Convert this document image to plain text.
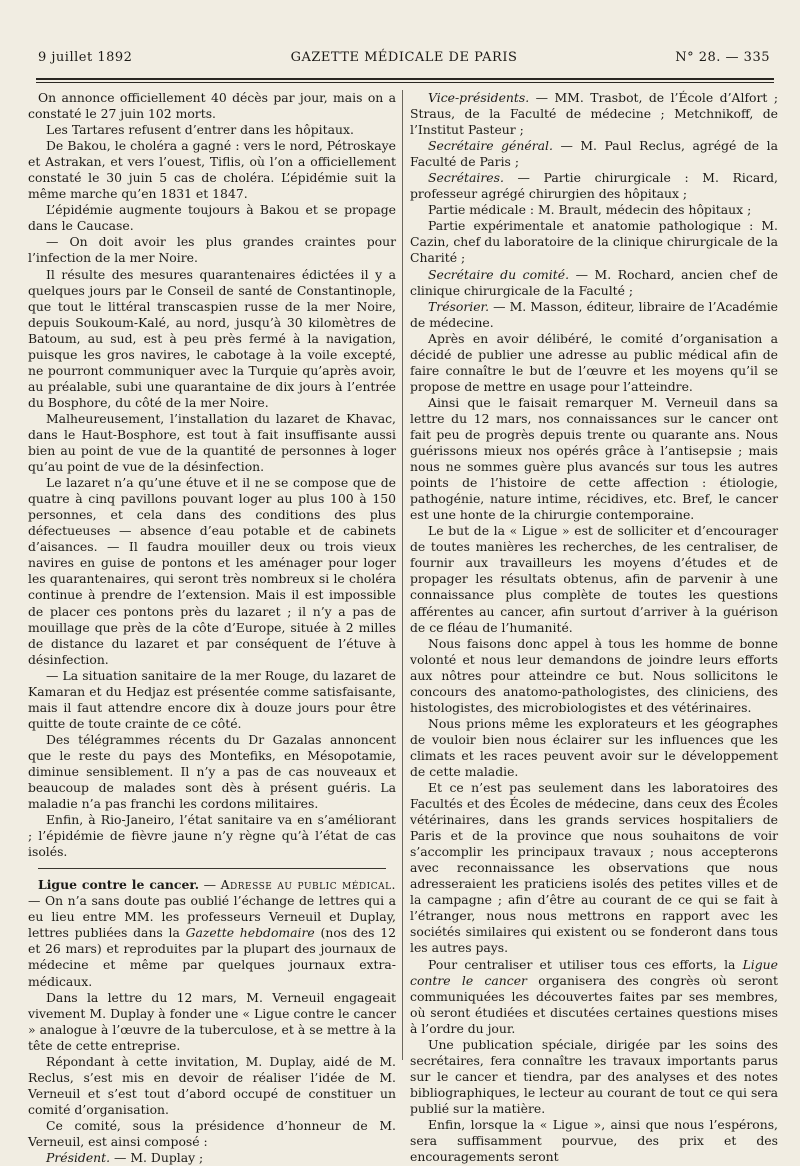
9 juillet 1892	GAZETTE MÉDICALE DE PARIS	N° 28. — 335

On annonce officiellement 40 décès par jour, mais on a constaté le 27 juin 102 morts.

Les Tartares refusent d’entrer dans les hôpitaux.

De Bakou, le choléra a gagné : vers le nord, Pétroskaye et Astrakan, et vers l’ouest, Tiflis, où l’on a officiellement constaté le 30 juin 5 cas de choléra. L’épidémie suit la même marche qu’en 1831 et 1847.

L’épidémie augmente toujours à Bakou et se propage dans le Caucase.

— On doit avoir les plus grandes craintes pour l’infection de la mer Noire.

Il résulte des mesures quarantenaires édictées il y a quelques jours par le Conseil de santé de Constantinople, que tout le littéral transcaspien russe de la mer Noire, depuis Soukoum-Kalé, au nord, jusqu’à 30 kilomètres de Batoum, au sud, est à peu près fermé à la navigation, puisque les gros navires, le cabotage à la voile excepté, ne pourront communiquer avec la Turquie qu’après avoir, au préalable, subi une quarantaine de dix jours à l’entrée du Bosphore, du côté de la mer Noire.

Malheureusement, l’installation du lazaret de Khavac, dans le Haut-Bosphore, est tout à fait insuffisante aussi bien au point de vue de la quantité de personnes à loger qu’au point de vue de la désinfection.

Le lazaret n’a qu’une étuve et il ne se compose que de quatre à cinq pavillons pouvant loger au plus 100 à 150 personnes, et cela dans des conditions des plus défectueuses — absence d’eau potable et de cabinets d’aisances. — Il faudra mouiller deux ou trois vieux navires en guise de pontons et les aménager pour loger les quarantenaires, qui seront très nombreux si le choléra continue à prendre de l’extension. Mais il est impossible de placer ces pontons près du lazaret ; il n’y a pas de mouillage que près de la côte d’Europe, située à 2 milles de distance du lazaret et par conséquent de l’étuve à désinfection.

— La situation sanitaire de la mer Rouge, du lazaret de Kamaran et du Hedjaz est présentée comme satisfaisante, mais il faut attendre encore dix à douze jours pour être quitte de toute crainte de ce côté.

Des télégrammes récents du Dr Gazalas annoncent que le reste du pays des Montefiks, en Mésopotamie, diminue sensiblement. Il n’y a pas de cas nouveaux et beaucoup de malades sont dès à présent guéris. La maladie n’a pas franchi les cordons militaires.

Enfin, à Rio-Janeiro, l’état sanitaire va en s’améliorant ; l’épidémie de fièvre jaune n’y règne qu’à l’état de cas isolés.

Ligue contre le cancer. — Adresse au public médical. — On n’a sans doute pas oublié l’échange de lettres qui a eu lieu entre MM. les professeurs Verneuil et Duplay, lettres publiées dans la Gazette hebdomaire (nos des 12 et 26 mars) et reproduites par la plupart des journaux de médecine et même par quelques journaux extra-médicaux.

Dans la lettre du 12 mars, M. Verneuil engageait vivement M. Duplay à fonder une « Ligue contre le cancer » analogue à l’œuvre de la tuberculose, et à se mettre à la tête de cette entreprise.

Répondant à cette invitation, M. Duplay, aidé de M. Reclus, s’est mis en devoir de réaliser l’idée de M. Verneuil et s’est tout d’abord occupé de constituer un comité d’organisation.

Ce comité, sous la présidence d’honneur de M. Verneuil, est ainsi composé :

Président. — M. Duplay ;

Vice-présidents. — MM. Trasbot, de l’École d’Alfort ; Straus, de la Faculté de médecine ; Metchnikoff, de l’Institut Pasteur ;

Secrétaire général. — M. Paul Reclus, agrégé de la Faculté de Paris ;

Secrétaires. — Partie chirurgicale : M. Ricard, professeur agrégé chirurgien des hôpitaux ;

Partie médicale : M. Brault, médecin des hôpitaux ;

Partie expérimentale et anatomie pathologique : M. Cazin, chef du laboratoire de la clinique chirurgicale de la Charité ;

Secrétaire du comité. — M. Rochard, ancien chef de clinique chirurgicale de la Faculté ;

Trésorier. — M. Masson, éditeur, libraire de l’Académie de médecine.

Après en avoir délibéré, le comité d’organisation a décidé de publier une adresse au public médical afin de faire connaître le but de l’œuvre et les moyens qu’il se propose de mettre en usage pour l’atteindre.

Ainsi que le faisait remarquer M. Verneuil dans sa lettre du 12 mars, nos connaissances sur le cancer ont fait peu de progrès depuis trente ou quarante ans. Nous guérissons mieux nos opérés grâce à l’antisepsie ; mais nous ne sommes guère plus avancés sur tous les autres points de l’histoire de cette affection : étiologie, pathogénie, nature intime, récidives, etc. Bref, le cancer est une honte de la chirurgie contemporaine.

Le but de la « Ligue » est de solliciter et d’encourager de toutes manières les recherches, de les centraliser, de fournir aux travailleurs les moyens d’études et de propager les résultats obtenus, afin de parvenir à une connaissance plus complète de toutes les questions afférentes au cancer, afin surtout d’arriver à la guérison de ce fléau de l’humanité.

Nous faisons donc appel à tous les homme de bonne volonté et nous leur demandons de joindre leurs efforts aux nôtres pour atteindre ce but. Nous sollicitons le concours des anatomo-pathologistes, des cliniciens, des histologistes, des microbiologistes et des vétérinaires.

Nous prions même les explorateurs et les géographes de vouloir bien nous éclairer sur les influences que les climats et les races peuvent avoir sur le développement de cette maladie.

Et ce n’est pas seulement dans les laboratoires des Facultés et des Écoles de médecine, dans ceux des Écoles vétérinaires, dans les grands services hospitaliers de Paris et de la province que nous souhaitons de voir s’accomplir les principaux travaux ; nous accepterons avec reconnaissance les observations que nous adresseraient les praticiens isolés des petites villes et de la campagne ; afin d’être au courant de ce qui se fait à l’étranger, nous nous mettrons en rapport avec les sociétés similaires qui existent ou se fonderont dans tous les autres pays.

Pour centraliser et utiliser tous ces efforts, la Ligue contre le cancer organisera des congrès où seront communiquées les découvertes faites par ses membres, où seront étudiées et discutées certaines questions mises à l’ordre du jour.

Une publication spéciale, dirigée par les soins des secrétaires, fera connaître les travaux importants parus sur le cancer et tiendra, par des analyses et des notes bibliographiques, le lecteur au courant de tout ce qui sera publié sur la matière.

Enfin, lorsque la « Ligue », ainsi que nous l’espérons, sera suffisamment pourvue, des prix et des encouragements seront
